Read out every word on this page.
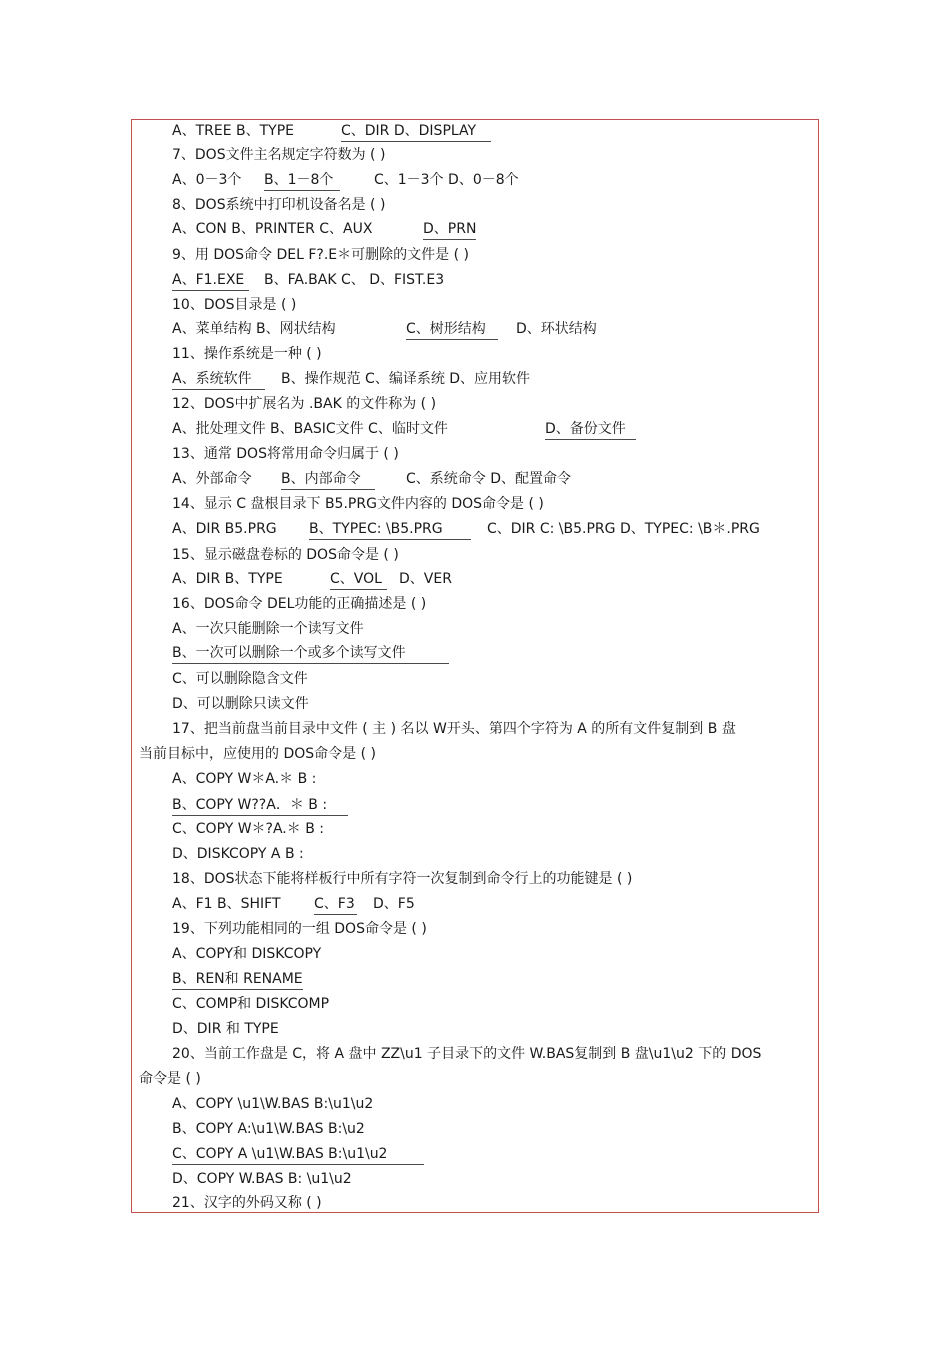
A、TREE B、TYPE	C、DIR D、DISPLAY
7、DOS文件主名规定字符数为 ( )
A、0－3个 B、1－8个	C、1－3个 D、0－8个
8、DOS系统中打印机设备名是 ( )
A、CON B、PRINTER C、AUX	D、PRN
9、用 DOS命令 DEL F?.E＊可删除的文件是 ( )
A、F1.EXE	B、FA.BAK C、 D、FIST.E3
10、DOS目录是 ( )
A、菜单结构 B、网状结构	C、树形结构	D、环状结构
11、操作系统是一种 ( )
A、系统软件	B、操作规范 C、编译系统 D、应用软件
12、DOS中扩展名为 .BAK 的文件称为 ( )
A、批处理文件 B、BASIC文件 C、临时文件	D、备份文件
13、通常 DOS将常用命令归属于 ( )
A、外部命令 B、内部命令	C、系统命令 D、配置命令
14、显示 C 盘根目录下 B5.PRG文件内容的 DOS命令是 ( )
A、DIR B5.PRG B、TYPEC: \B5.PRG	C、DIR C: \B5.PRG D、TYPEC: \B＊.PRG
15、显示磁盘卷标的 DOS命令是 ( )
A、DIR B、TYPE	C、VOL	D、VER
16、DOS命令 DEL功能的正确描述是 ( )
A、一次只能删除一个读写文件
B、一次可以删除一个或多个读写文件
C、可以删除隐含文件
D、可以删除只读文件
17、把当前盘当前目录中文件 ( 主 ) 名以 W开头、第四个字符为 A 的所有文件复制到 B 盘
当前目标中，应使用的 DOS命令是 ( )
A、COPY W＊A.＊ B :
B、COPY W??A．＊ B :
C、COPY W＊?A.＊ B :
D、DISKCOPY A B :
18、DOS状态下能将样板行中所有字符一次复制到命令行上的功能键是 ( )
A、F1 B、SHIFT C、F3 D、F5
19、下列功能相同的一组 DOS命令是 ( )
A、COPY和 DISKCOPY
B、REN和 RENAME
C、COMP和 DISKCOMP
D、DIR 和 TYPE
20、当前工作盘是 C，将 A 盘中 ZZ\u1 子目录下的文件 W.BAS复制到 B 盘\u1\u2 下的 DOS
命令是 ( )
A、COPY \u1\W.BAS B:\u1\u2
B、COPY A:\u1\W.BAS B:\u2
C、COPY A \u1\W.BAS B:\u1\u2
D、COPY W.BAS B: \u1\u2
21、汉字的外码又称 ( )
